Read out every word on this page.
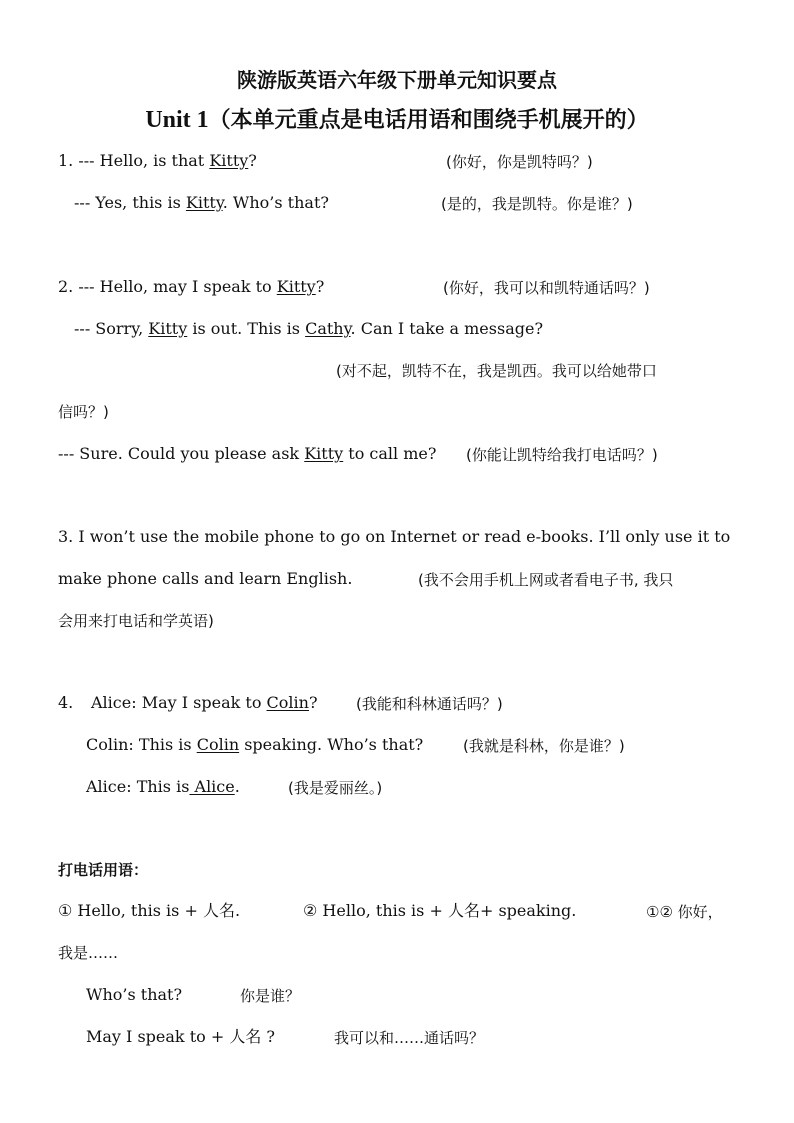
陕游版英语六年级下册单元知识要点
Unit 1（本单元重点是电话用语和围绕手机展开的）
1. --- Hello, is that Kitty?	(你好，你是凯特吗？)
--- Yes, this is Kitty. Who’s that?	(是的，我是凯特。你是谁？)
2. --- Hello, may I speak to Kitty?	(你好，我可以和凯特通话吗？)
--- Sorry, Kitty is out. This is Cathy. Can I take a message?
(对不起，凯特不在，我是凯西。我可以给她带口
信吗？)
--- Sure. Could you please ask Kitty to call me? (你能让凯特给我打电话吗？)
3. I won’t use the mobile phone to go on Internet or read e-books. I’ll only use it to
make phone calls and learn English.	(我不会用手机上网或者看电子书, 我只
会用来打电话和学英语)
4. Alice: May I speak to Colin?	(我能和科林通话吗？)
Colin: This is Colin speaking. Who’s that?	(我就是科林，你是谁？)
Alice: This is Alice.	(我是爱丽丝。)
打电话用语：
① Hello, this is + 人名.	② Hello, this is + 人名+ speaking.	①② 你好，
我是……
Who’s that?	你是谁？
May I speak to + 人名 ?	我可以和……通话吗？
